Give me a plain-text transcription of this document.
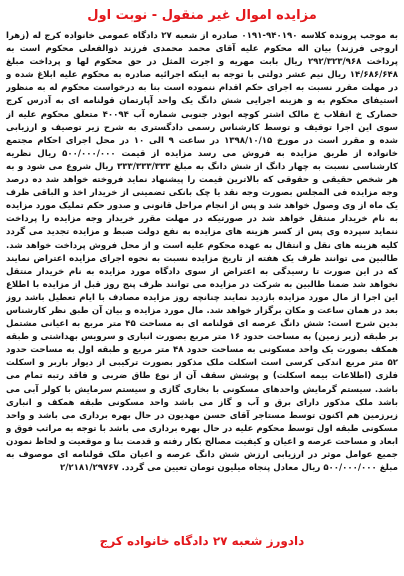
مزایده اموال غیر منقول - نوبت اول

به موجب پرونده کلاسه ۹۴۰۱۹۰-۰۱۹۱ صادره از شعبه ۲۷ دادگاه عمومی خانواده کرج له (زهرا اروجی فرزند) بیان اله محکوم علیه آقای محمد محمدی فرزند ذوالفعلی محکوم است به پرداخت ۲۹۲/۳۲۳/۹۶۸ ریال بابت مهریه و اجرت المثل در حق محکوم لها و پرداخت مبلغ ۱۴/۶۸۶/۶۴۸ ریال نیم عشر دولتی با توجه به اینکه اجرائیه صادره به محکوم علیه ابلاغ شده و در مهلت مقرر نسبت به اجرای حکم اقدام ننموده است بنا به درخواست محکوم له به منظور استیفای محکوم به و هزینه اجرایی شش دانگ یک واحد آپارتمان قولنامه ای به آدرس کرج حصارک خ انقلاب خ مالک اشتر کوچه ابوذر جنوبی شماره آب ۴۰۰۹۴ متعلق محکوم علیه از سوی این اجرا توقیف و توسط کارشناس رسمی دادگستری به شرح زیر توصیف و ارزیابی شده و مقرر است در مورخ ۱۳۹۸/۱۰/۱۵ در ساعت ۹ الی ۱۰ در محل اجرای احکام مجتمع خانواده از طریق مزایده به فروش می رسد مزایده از قیمت ۵۰۰/۰۰۰/۰۰۰ ریال نظریه کارشناسی نسبت به چهار دانگ از شش دانگ به مبلغ ۳۳۳/۳۳۳/۳۳۳ ریال شروع می شود و به هر شخص حقیقی و حقوقی که بالاترین قیمت را پیشنهاد نماید فروخته خواهد شد ده درصد وجه مزایده فی المجلس بصورت وجه نقد یا چک بانکی تضمینی از خریدار اخذ و الباقی ظرف یک ماه از وی وصول خواهد شد و پس از انجام مراحل قانونی و صدور حکم تملیک مورد مزایده به نام خریدار منتقل خواهد شد در صورتیکه در مهلت مقرر خریدار وجه مزایده را پرداخت ننماید سپرده وی پس از کسر هزینه های مزایده به نفع دولت ضبط و مزایده تجدید می گردد کلیه هزینه های نقل و انتقال به عهده محکوم علیه است و از محل فروش پرداخت خواهد شد. طالبین می توانند ظرف یک هفته از تاریخ مزایده نسبت به نحوه اجرای مزایده اعتراض نمایند که در این صورت تا رسیدگی به اعتراض از سوی دادگاه مورد مزایده به نام خریدار منتقل نخواهد شد ضمنا طالبین به شرکت در مزایده می توانند ظرف پنج روز قبل از مزایده با اطلاع این اجرا از مال مورد مزایده بازدید نمایند چنانچه روز مزایده مصادف با ایام تعطیل باشد روز بعد در همان ساعت و مکان برگزار خواهد شد. مال مورد مزایده و بیان آن طبق نظر کارشناس بدین شرح است: شش دانگ عرصه ای قولنامه ای به مساحت ۴۵ متر مربع به اعیانی مشتمل بر طبقه (زیر زمین) به مساحت حدود ۱۶ متر مربع بصورت انباری و سرویس بهداشتی و طبقه همکف بصورت یک واحد مسکونی به مساحت حدود ۴۸ متر مربع و طبقه اول به مساحت حدود ۵۲ متر مربع اندکی کرسی است اسکلت ملک مذکور بصورت ترکیبی از دیوار باربر و اسکلت فلزی (اطلاعات بیمه اسکلت) و پوشش سقف آن از نوع طاق ضربی و فاقد رتبه تمام می باشد. سیستم گرمایش واحدهای مسکونی با بخاری گازی و سیستم سرمایش با کولر آبی می باشد ملک مذکور دارای برق و آب و گاز می باشد واحد مسکونی طبقه همکف و انباری زیرزمین هم اکنون توسط مستاجر آقای حسن مهدیون در حال بهره برداری می باشد و واحد مسکونی طبقه اول توسط محکوم علیه در حال بهره برداری می باشد با توجه به مراتب فوق و ابعاد و مساحت عرصه و اعیان و کیفیت مصالح بکار رفته و قدمت بنا و موقعیت و لحاظ نمودن جمیع عوامل موثر در ارزیابی ارزش شش دانگ عرصه و اعیان ملک قولنامه ای موصوف به مبلغ ۵۰۰/۰۰۰/۰۰۰ ریال معادل پنجاه میلیون تومان تعیین می گردد. ۲/۲۱۸۱/۲۹۷۶۷

دادورز شعبه ۲۷ دادگاه خانواده کرج
